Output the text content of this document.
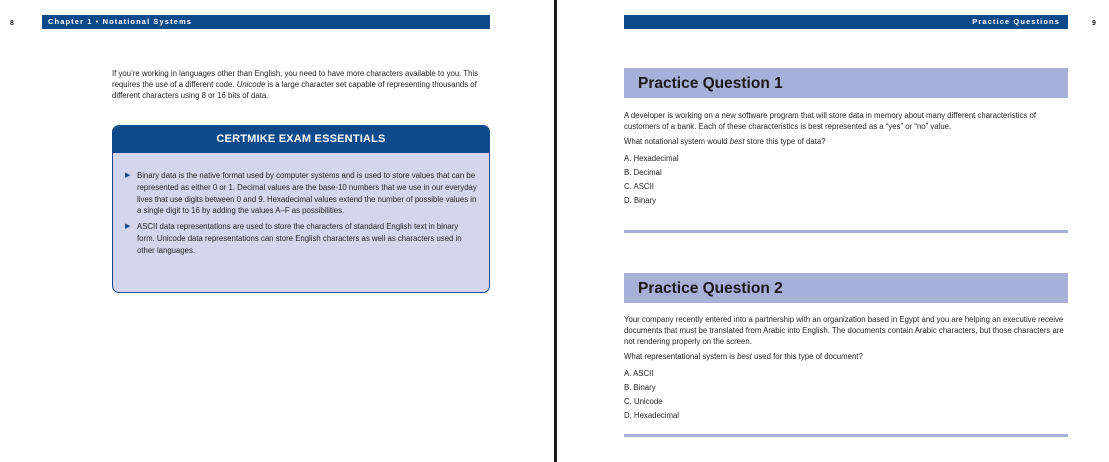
8	Chapter 1 • Notational Systems
If you’re working in languages other than English, you need to have more characters available to you. This requires the use of a different code. Unicode is a large character set capable of representing thousands of different characters using 8 or 16 bits of data.
CERTMIKE EXAM ESSENTIALS
▶ Binary data is the native format used by computer systems and is used to store values that can be represented as either 0 or 1. Decimal values are the base-10 numbers that we use in our everyday lives that use digits between 0 and 9. Hexadecimal values extend the number of possible values in a single digit to 16 by adding the values A–F as possibilities.
▶ ASCII data representations are used to store the characters of standard English text in binary form. Unicode data representations can store English characters as well as characters used in other languages.
Practice Questions	9
Practice Question 1

A developer is working on a new software program that will store data in memory about many different characteristics of customers of a bank. Each of these characteristics is best represented as a “yes” or “no” value.

What notational system would best store this type of data?

A. Hexadecimal
B. Decimal
C. ASCII
D. Binary
Practice Question 2

Your company recently entered into a partnership with an organization based in Egypt and you are helping an executive receive documents that must be translated from Arabic into English. The documents contain Arabic characters, but those characters are not rendering properly on the screen.

What representational system is best used for this type of document?

A. ASCII
B. Binary
C. Unicode
D. Hexadecimal
